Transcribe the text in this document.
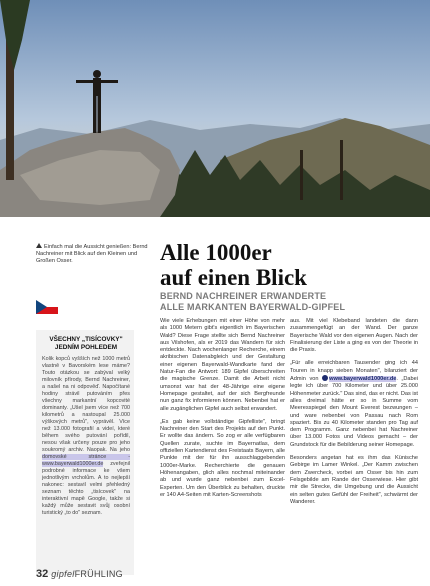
Einfach mal die Aussicht genießen: Bernd Nachreiner mit Blick auf den Kleinen und Großen Osser.
VŠECHNY „TISÍCOVKY" JEDNÍM POHLEDEM
Kolik kopců vyšších než 1000 metrů vlastně v Bavorském lese máme? Touto otázkou se zabýval velký milovník přírody, Bernd Nachreiner, a našel na ni odpověď. Napočítané hodiny strávil putováním přes všechny markantní kopcovité dominanty. „Ušel jsem více než 700 kilometrů a nastoupal 25.000 výškových metrů", vyprávěl. Více než 13.000 fotografií a videí, které během svého putování pořídil, nesou však určeny pouze pro jeho soukromý archiv. Naopak. Na jeho domovské stránce - www.bayerwald1000er.de zveřejnil podrobné informace ke všem jednotlivým vrcholům. A to nejlepší nakonec: sestavil velmi přehledný seznam těchto „tisícovek" na interaktivní mapě Google, takže si každý může sestavit svůj osobní turistický „to do" seznam.
Alle 1000er
auf einen Blick
BERND NACHREINER ERWANDERTE
ALLE MARKANTEN BAYERWALD-GIPFEL

Wie viele Erhebungen mit einer Höhe von mehr als 1000 Metern gibt's eigentlich im Bayerischen Wald? Diese Frage stellte sich Bernd Nachreiner aus Vilshofen, als er 2019 das Wandern für sich entdeckte. Nach wochenlanger Recherche, einem akribischen Datenabgleich und der Gestaltung einer eigenen Bayerwald-Wandkarte fand der Natur-Fan die Antwort: 189 Gipfel überschreiten die magische Grenze. Damit die Arbeit nicht umsonst war hat der 48-Jährige eine eigene Homepage gestaltet, auf der sich Bergfreunde nun ganz fix informieren können. Nebenbei hat er alle zugänglichen Gipfel auch selbst erwandert.

„Es gab keine vollständige Gipfelliste", bringt Nachreiner den Start des Projekts auf den Punkt. Er wollte das ändern. So zog er alle verfügbaren Quellen zurate, suchte im Bayernatlas, dem offiziellen Kartendienst des Freistaats Bayern, alle Punkte mit der für ihn ausschlaggebenden 1000er-Marke. Recherchierte die genauen Höhenangaben, glich alles nochmal miteinander ab und wurde ganz nebenbei zum Excel-Experten. Um den Überblick zu behalten, druckte er 140 A4-Seiten mit Karten-Screenshots

aus. Mit viel Klebeband landeten die dann zusammengefügt an der Wand. Der ganze Bayerische Wald vor den eigenen Augen. Nach der Finalisierung der Liste a ging es von der Theorie in die Praxis.

„Für alle erreichbaren Tausender ging ich 44 Touren in knapp sieben Monaten", bilanziert der Admin von www.bayerwald1000er.de. „Dabei legte ich über 700 Kilometer und über 25.000 Höhenmeter zurück." Das sind, das er nicht. Das ist alles dreimal hätte er so in Summe vom Meeresspiegel den Mount Everest bezwungen – und ware nebenbei von Passau nach Rom spaziert. Bis zu 40 Kilometer standen pro Tag auf dem Programm. Ganz nebenbei hat Nachreiner über 13.000 Fotos und Videos gemacht – der Grundstock für die Bebilderung seiner Homepage.

Besonders angetan hat es ihm das Künische Gebirge im Lamer Winkel. „Der Kamm zwischen dem Zwercheck, vorbei am Osser bis hin zum Felsgebilde am Rande der Osserwiese. Hier gibt mir die Strecke, die Umgebung und die Aussicht ein selten gutes Gefühl der Freiheit", schwärmt der Wanderer.

32 gipfelFRÜHLING
